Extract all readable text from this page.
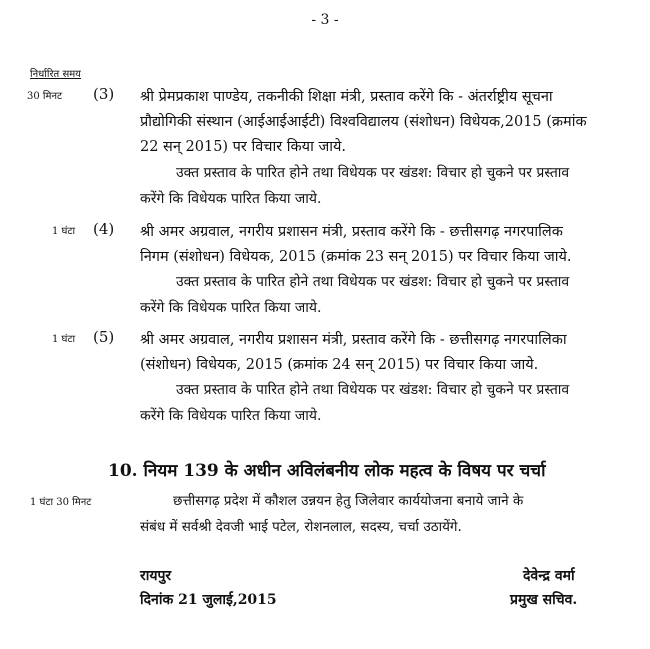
- 3 -
निर्धारित समय
30 मिनट (3) श्री प्रेमप्रकाश पाण्डेय, तकनीकी शिक्षा मंत्री, प्रस्ताव करेंगे कि - अंतर्राष्ट्रीय सूचना
प्रौद्योगिकी संस्थान (आईआईआईटी) विश्वविद्यालय (संशोधन) विधेयक,2015 (क्रमांक
22 सन् 2015) पर विचार किया जाये.
उक्त प्रस्ताव के पारित होने तथा विधेयक पर खंडश: विचार हो चुकने पर प्रस्ताव
करेंगे कि विधेयक पारित किया जाये.
1 घंटा (4) श्री अमर अग्रवाल, नगरीय प्रशासन मंत्री, प्रस्ताव करेंगे कि - छत्तीसगढ़ नगरपालिक
निगम (संशोधन) विधेयक, 2015 (क्रमांक 23 सन् 2015) पर विचार किया जाये.
उक्त प्रस्ताव के पारित होने तथा विधेयक पर खंडश: विचार हो चुकने पर प्रस्ताव
करेंगे कि विधेयक पारित किया जाये.
1 घंटा (5) श्री अमर अग्रवाल, नगरीय प्रशासन मंत्री, प्रस्ताव करेंगे कि - छत्तीसगढ़ नगरपालिका
(संशोधन) विधेयक, 2015 (क्रमांक 24 सन् 2015) पर विचार किया जाये.
उक्त प्रस्ताव के पारित होने तथा विधेयक पर खंडश: विचार हो चुकने पर प्रस्ताव
करेंगे कि विधेयक पारित किया जाये.
10. नियम 139 के अधीन अविलंबनीय लोक महत्व के विषय पर चर्चा
1 घंटा 30 मिनट	छत्तीसगढ़ प्रदेश में कौशल उन्नयन हेतु जिलेवार कार्ययोजना बनाये जाने के
संबंध में सर्वश्री देवजी भाई पटेल, रोशनलाल, सदस्य, चर्चा उठायेंगे.
रायपुर
दिनांक 21 जुलाई,2015
देवेन्द्र वर्मा
प्रमुख सचिव.
